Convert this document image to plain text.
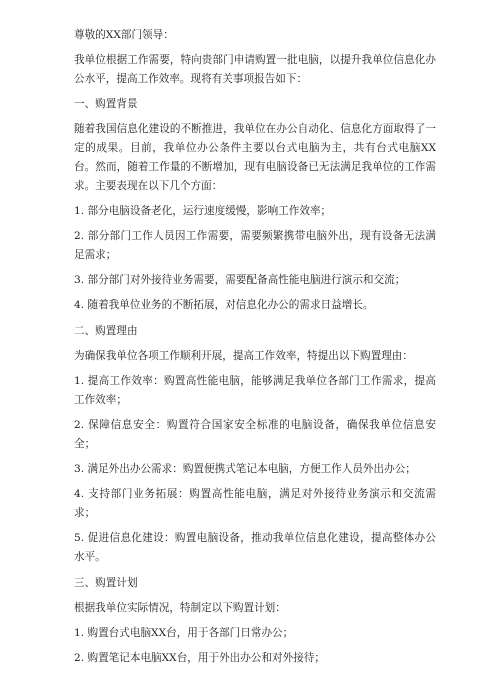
尊敬的XX部门领导：

我单位根据工作需要，特向贵部门申请购置一批电脑，以提升我单位信息化办公水平，提高工作效率。现将有关事项报告如下：

一、购置背景

随着我国信息化建设的不断推进，我单位在办公自动化、信息化方面取得了一定的成果。目前，我单位办公条件主要以台式电脑为主，共有台式电脑XX台。然而，随着工作量的不断增加，现有电脑设备已无法满足我单位的工作需求。主要表现在以下几个方面：

1. 部分电脑设备老化，运行速度缓慢，影响工作效率；

2. 部分部门工作人员因工作需要，需要频繁携带电脑外出，现有设备无法满足需求；

3. 部分部门对外接待业务需要，需要配备高性能电脑进行演示和交流；

4. 随着我单位业务的不断拓展，对信息化办公的需求日益增长。

二、购置理由

为确保我单位各项工作顺利开展，提高工作效率，特提出以下购置理由：

1. 提高工作效率：购置高性能电脑，能够满足我单位各部门工作需求，提高工作效率；

2. 保障信息安全：购置符合国家安全标准的电脑设备，确保我单位信息安全；

3. 满足外出办公需求：购置便携式笔记本电脑，方便工作人员外出办公；

4. 支持部门业务拓展：购置高性能电脑，满足对外接待业务演示和交流需求；

5. 促进信息化建设：购置电脑设备，推动我单位信息化建设，提高整体办公水平。

三、购置计划

根据我单位实际情况，特制定以下购置计划：

1. 购置台式电脑XX台，用于各部门日常办公；

2. 购置笔记本电脑XX台，用于外出办公和对外接待；
